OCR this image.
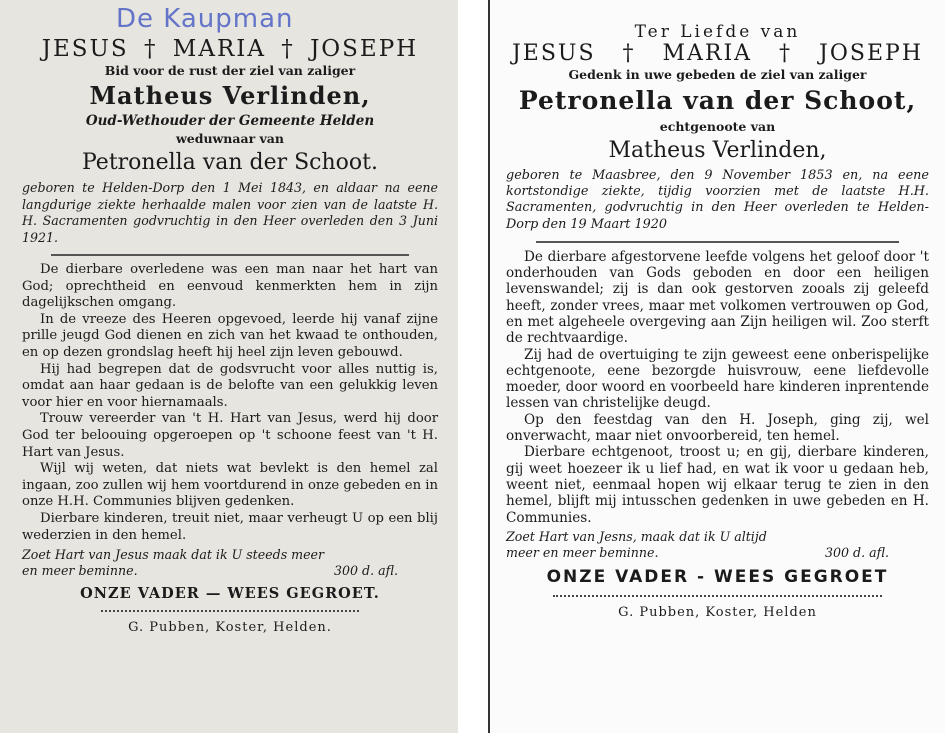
De Kaupman
JESUS † MARIA † JOSEPH
Bid voor de rust der ziel van zaliger
Matheus Verlinden,
Oud-Wethouder der Gemeente Helden
weduwnaar van
Petronella van der Schoot.
geboren te Helden-Dorp den 1 Mei 1843, en aldaar na eene langdurige ziekte herhaalde malen voor zien van de laatste H. H. Sacramenten godvruchtig in den Heer overleden den 3 Juni 1921.

De dierbare overledene was een man naar het hart van God; oprechtheid en eenvoud kenmerkten hem in zijn dagelijkschen omgang.

In de vreeze des Heeren opgevoed, leerde hij vanaf zijne prille jeugd God dienen en zich van het kwaad te onthouden, en op dezen grondslag heeft hij heel zijn leven gebouwd.

Hij had begrepen dat de godsvrucht voor alles nuttig is, omdat aan haar gedaan is de belofte van een gelukkig leven voor hier en voor hiernamaals.

Trouw vereerder van 't H. Hart van Jesus, werd hij door God ter beloouing opgeroepen op 't schoone feest van 't H. Hart van Jesus.

Wijl wij weten, dat niets wat bevlekt is den hemel zal ingaan, zoo zullen wij hem voortdurend in onze gebeden en in onze H.H. Communies blijven gedenken.

Dierbare kinderen, treuit niet, maar verheugt U op een blij wederzien in den hemel.

Zoet Hart van Jesus maak dat ik U steeds meer
en meer beminne.	300 d. afl.
ONZE VADER — WEES GEGROET.
G. Pubben, Koster, Helden.
Ter Liefde van
JESUS † MARIA † JOSEPH
Gedenk in uwe gebeden de ziel van zaliger
Petronella van der Schoot,
echtgenoote van
Matheus Verlinden,
geboren te Maasbree, den 9 November 1853 en, na eene kortstondige ziekte, tijdig voorzien met de laatste H.H. Sacramenten, godvruchtig in den Heer overleden te Helden-Dorp den 19 Maart 1920

De dierbare afgestorvene leefde volgens het geloof door 't onderhouden van Gods geboden en door een heiligen levenswandel; zij is dan ook gestorven zooals zij geleefd heeft, zonder vrees, maar met volkomen vertrouwen op God, en met algeheele overgeving aan Zijn heiligen wil. Zoo sterft de rechtvaardige.

Zij had de overtuiging te zijn geweest eene onberispelijke echtgenoote, eene bezorgde huisvrouw, eene liefdevolle moeder, door woord en voorbeeld hare kinderen inprentende lessen van christelijke deugd.

Op den feestdag van den H. Joseph, ging zij, wel onverwacht, maar niet onvoorbereid, ten hemel.

Dierbare echtgenoot, troost u; en gij, dierbare kinderen, gij weet hoezeer ik u lief had, en wat ik voor u gedaan heb, weent niet, eenmaal hopen wij elkaar terug te zien in den hemel, blijft mij intusschen gedenken in uwe gebeden en H. Communies.

Zoet Hart van Jesns, maak dat ik U altijd
meer en meer beminne.	300 d. afl.
ONZE VADER - WEES GEGROET
G. Pubben, Koster, Helden
